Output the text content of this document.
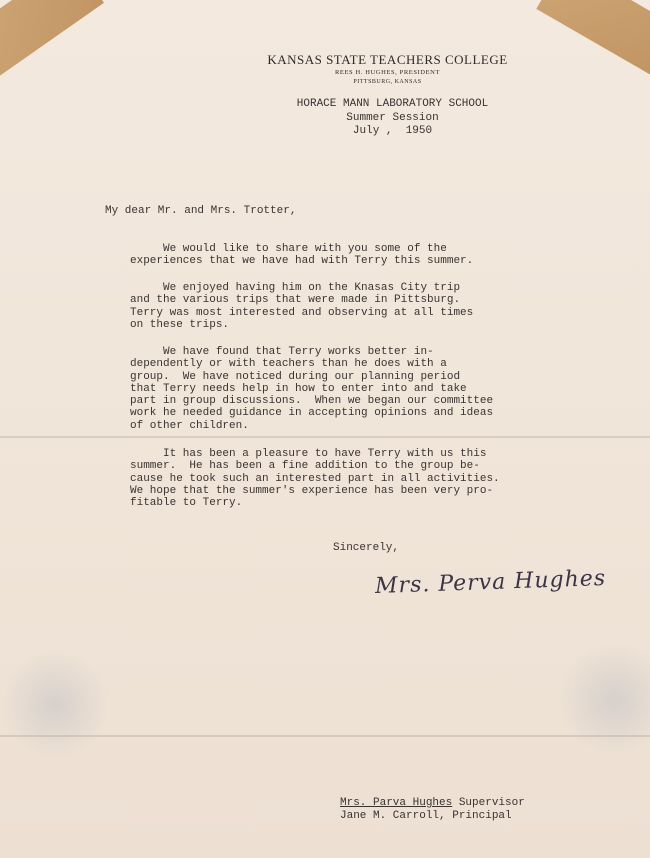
KANSAS STATE TEACHERS COLLEGE
REES H. HUGHES, PRESIDENT
PITTSBURG, KANSAS
HORACE MANN LABORATORY SCHOOL
Summer Session
July ,  1950
My dear Mr. and Mrs. Trotter,
We would like to share with you some of the
experiences that we have had with Terry this summer.
We enjoyed having him on the Knasas City trip
and the various trips that were made in Pittsburg.
Terry was most interested and observing at all times
on these trips.
We have found that Terry works better in-
dependently or with teachers than he does with a
group.  We have noticed during our planning period
that Terry needs help in how to enter into and take
part in group discussions.  When we began our committee
work he needed guidance in accepting opinions and ideas
of other children.
It has been a pleasure to have Terry with us this
summer.  He has been a fine addition to the group be-
cause he took such an interested part in all activities.
We hope that the summer's experience has been very pro-
fitable to Terry.
Sincerely,
Mrs. Perva Hughes
Mrs. Parva Hughes Supervisor
Jane M. Carroll, Principal
